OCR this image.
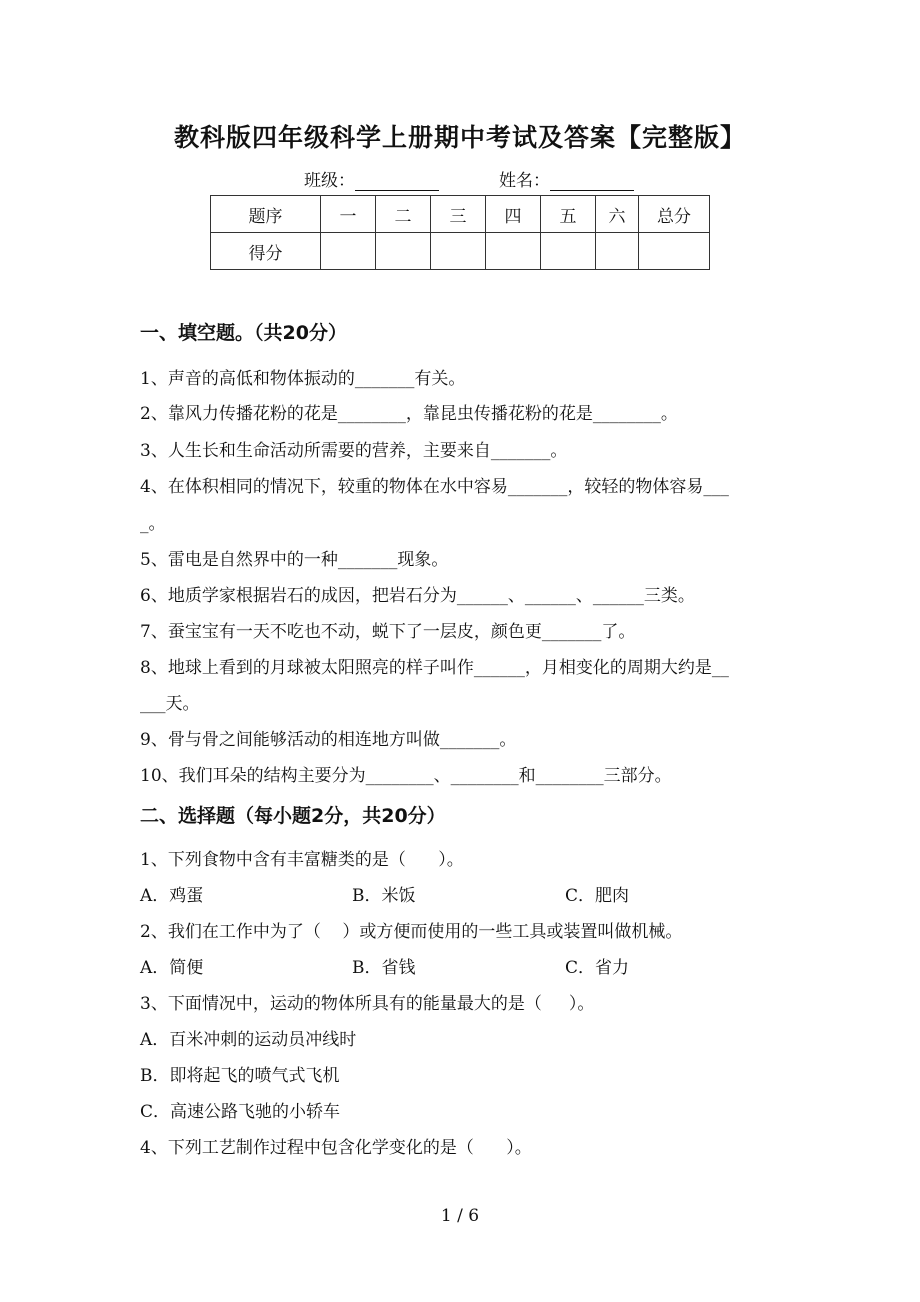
教科版四年级科学上册期中考试及答案【完整版】
班级：	姓名：
题序	一	二	三	四	五	六	总分
得分							
一、填空题。（共20分）
1、声音的高低和物体振动的_______有关。
2、靠风力传播花粉的花是________，靠昆虫传播花粉的花是________。
3、人生长和生命活动所需要的营养，主要来自_______。
4、在体积相同的情况下，较重的物体在水中容易_______，较轻的物体容易___
_。
5、雷电是自然界中的一种_______现象。
6、地质学家根据岩石的成因，把岩石分为______、______、______三类。
7、蚕宝宝有一天不吃也不动，蜕下了一层皮，颜色更_______了。
8、地球上看到的月球被太阳照亮的样子叫作______，月相变化的周期大约是__
___天。
9、骨与骨之间能够活动的相连地方叫做_______。
10、我们耳朵的结构主要分为________、________和________三部分。
二、选择题（每小题2分，共20分）
1、下列食物中含有丰富糖类的是（      ）。
A．鸡蛋	B．米饭	C．肥肉
2、我们在工作中为了（    ）或方便而使用的一些工具或装置叫做机械。
A．简便	B．省钱	C．省力
3、下面情况中，运动的物体所具有的能量最大的是（     ）。
A．百米冲刺的运动员冲线时
B．即将起飞的喷气式飞机
C．高速公路飞驰的小轿车
4、下列工艺制作过程中包含化学变化的是（      ）。
1 / 6
